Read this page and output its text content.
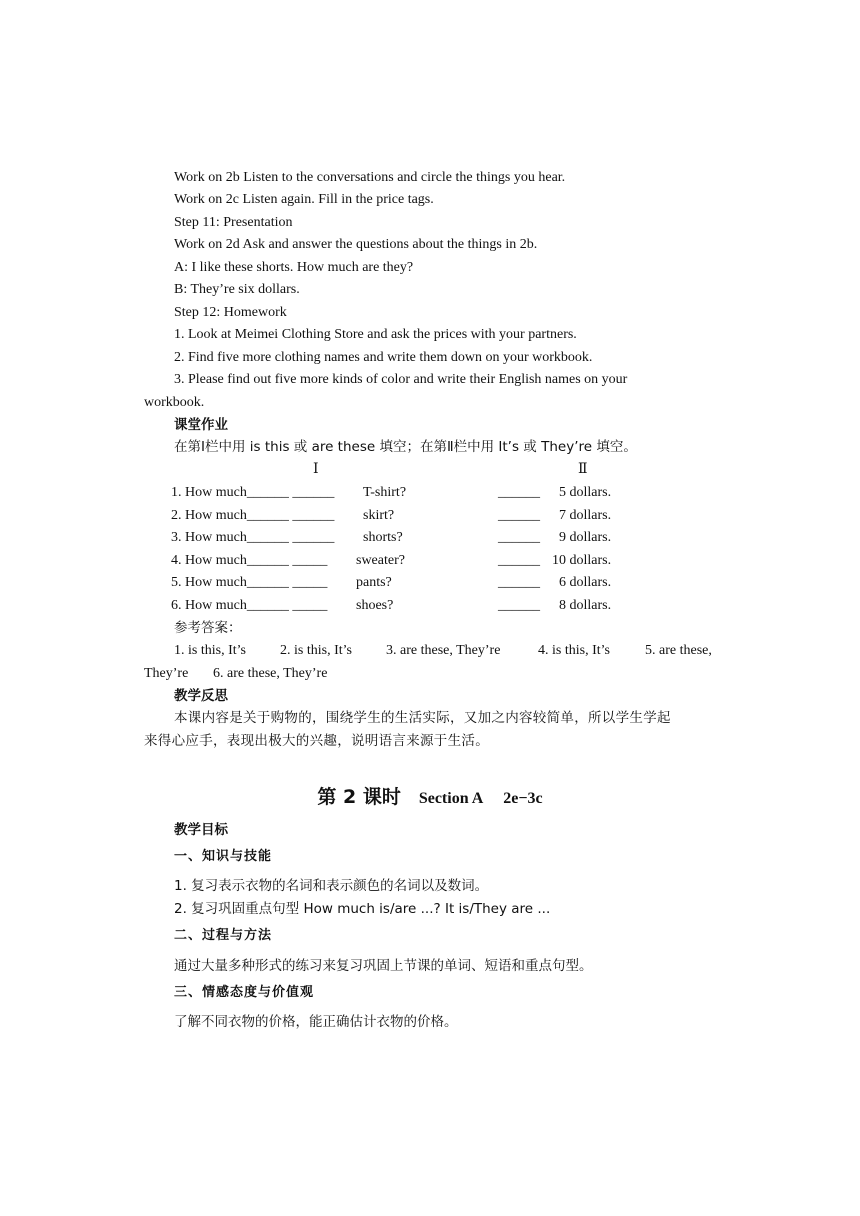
Work on 2b Listen to the conversations and circle the things you hear.
Work on 2c Listen again. Fill in the price tags.
Step 11: Presentation
Work on 2d Ask and answer the questions about the things in 2b.
A: I like these shorts. How much are they?
B: They’re six dollars.
Step 12: Homework
1. Look at Meimei Clothing Store and ask the prices with your partners.
2. Find five more clothing names and write them down on your workbook.
3. Please find out five more kinds of color and write their English names on your
workbook.
课堂作业
在第Ⅰ栏中用 is this 或 are these 填空；在第Ⅱ栏中用 It’s 或 They’re 填空。
Ⅰ	Ⅱ
1. How much______ ______ T-shirt?	______ 5 dollars.
2. How much______ ______ skirt?	______ 7 dollars.
3. How much______ ______ shorts?	______ 9 dollars.
4. How much______ _____ sweater?	______ 10 dollars.
5. How much______ _____ pants?	______ 6 dollars.
6. How much______ _____ shoes?	______ 8 dollars.
参考答案：
1. is this, It’s 2. is this, It’s 3. are these, They’re	4. is this, It’s	5. are these,
They’re 6. are these, They’re
教学反思
本课内容是关于购物的，围绕学生的生活实际，又加之内容较简单，所以学生学起
来得心应手，表现出极大的兴趣，说明语言来源于生活。
第 2 课时 Section A 2e−3c
教学目标
一、知识与技能
1. 复习表示衣物的名词和表示颜色的名词以及数词。
2. 复习巩固重点句型 How much is/are ...? It is/They are ...
二、过程与方法
通过大量多种形式的练习来复习巩固上节课的单词、短语和重点句型。
三、情感态度与价值观
了解不同衣物的价格，能正确估计衣物的价格。
